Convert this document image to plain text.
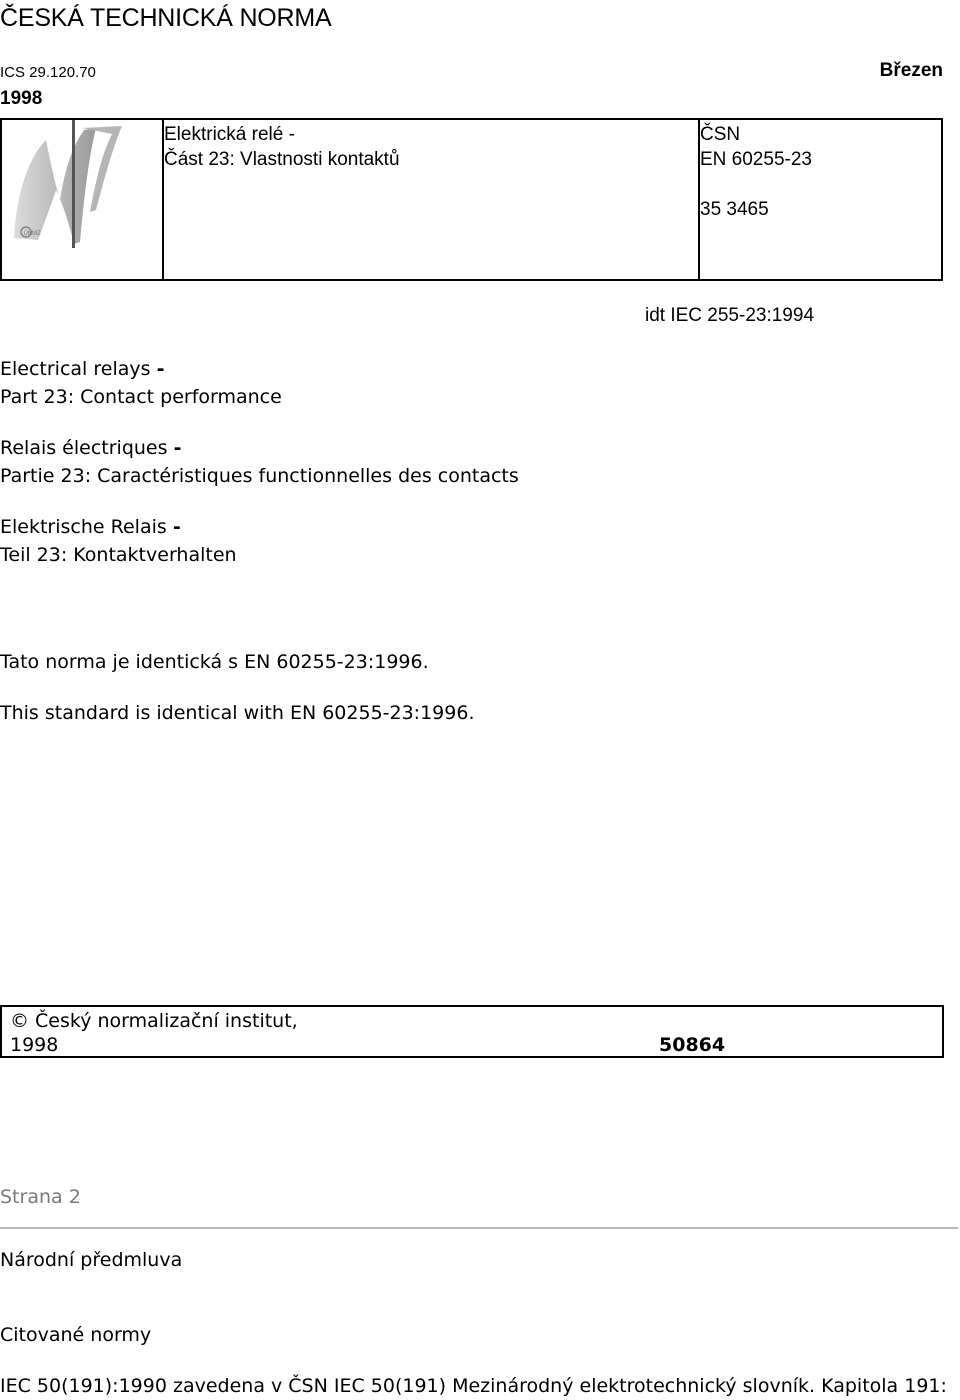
ČESKÁ TECHNICKÁ NORMA
ICS 29.120.70	Březen
1998
ÚNMZ
Elektrická relé -
Část 23: Vlastnosti kontaktů
ČSN
EN 60255-23
35 3465
idt IEC 255-23:1994
Electrical relays -
Part 23: Contact performance
Relais électriques -
Partie 23: Caractéristiques functionnelles des contacts
Elektrische Relais -
Teil 23: Kontaktverhalten
Tato norma je identická s EN 60255-23:1996.
This standard is identical with EN 60255-23:1996.
© Český normalizační institut,
1998	50864
Strana 2
Národní předmluva
Citované normy
IEC 50(191):1990 zavedena v ČSN IEC 50(191) Mezinárodný elektrotechnický slovník. Kapitola 191:
